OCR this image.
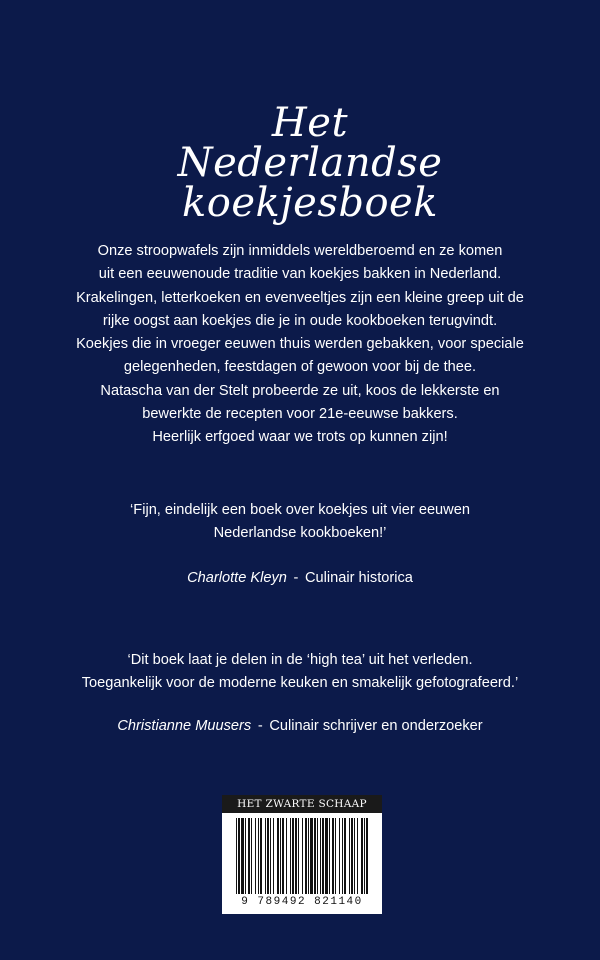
Het
Nederlandse
koekjesboek
Onze stroopwafels zijn inmiddels wereldberoemd en ze komen
uit een eeuwenoude traditie van koekjes bakken in Nederland.
Krakelingen, letterkoeken en evenveeltjes zijn een kleine greep uit de
rijke oogst aan koekjes die je in oude kookboeken terugvindt.
Koekjes die in vroeger eeuwen thuis werden gebakken, voor speciale
gelegenheden, feestdagen of gewoon voor bij de thee.
Natascha van der Stelt probeerde ze uit, koos de lekkerste en
bewerkte de recepten voor 21e-eeuwse bakkers.
Heerlijk erfgoed waar we trots op kunnen zijn!
‘Fijn, eindelijk een boek over koekjes uit vier eeuwen
Nederlandse kookboeken!’
Charlotte Kleyn - Culinair historica
‘Dit boek laat je delen in de ‘high tea’ uit het verleden.
Toegankelijk voor de moderne keuken en smakelijk gefotografeerd.’
Christianne Muusers - Culinair schrijver en onderzoeker
HET ZWARTE SCHAAP
9 789492 821140
